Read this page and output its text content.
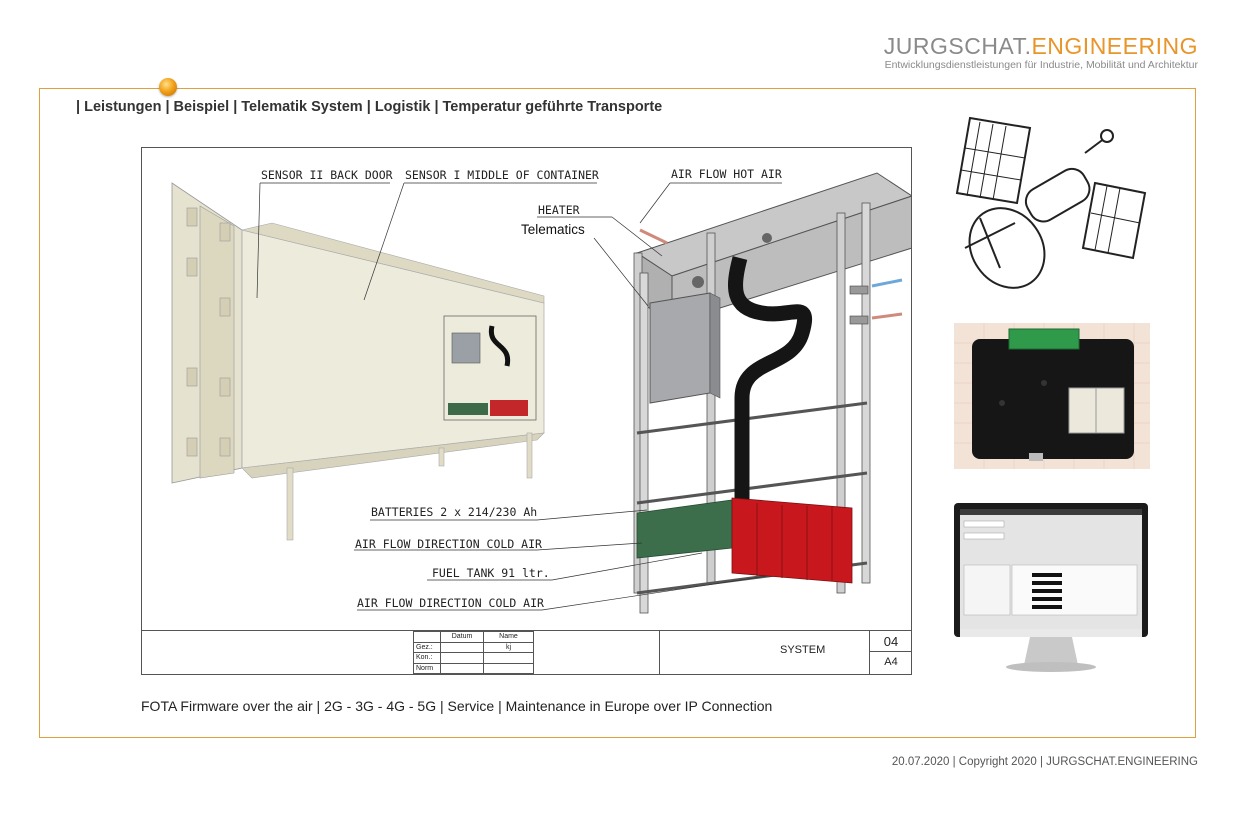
JURGSCHAT.ENGINEERING
Entwicklungsdienstleistungen für Industrie, Mobilität und Architektur
| Leistungen | Beispiel | Telematik System | Logistik | Temperatur geführte Transporte
SENSOR II BACK DOOR SENSOR I MIDDLE OF CONTAINER	AIR FLOW HOT AIR
HEATER
Telematics
BATTERIES 2 x 214/230 Ah
AIR FLOW DIRECTION COLD AIR
FUEL TANK 91 ltr.
AIR FLOW DIRECTION COLD AIR
	Datum	Name
Gez.:		kj
Kon.:		
Norm		
SYSTEM
04
A4
FOTA Firmware over the air | 2G - 3G - 4G - 5G | Service | Maintenance in Europe over IP Connection
20.07.2020 | Copyright 2020 | JURGSCHAT.ENGINEERING
